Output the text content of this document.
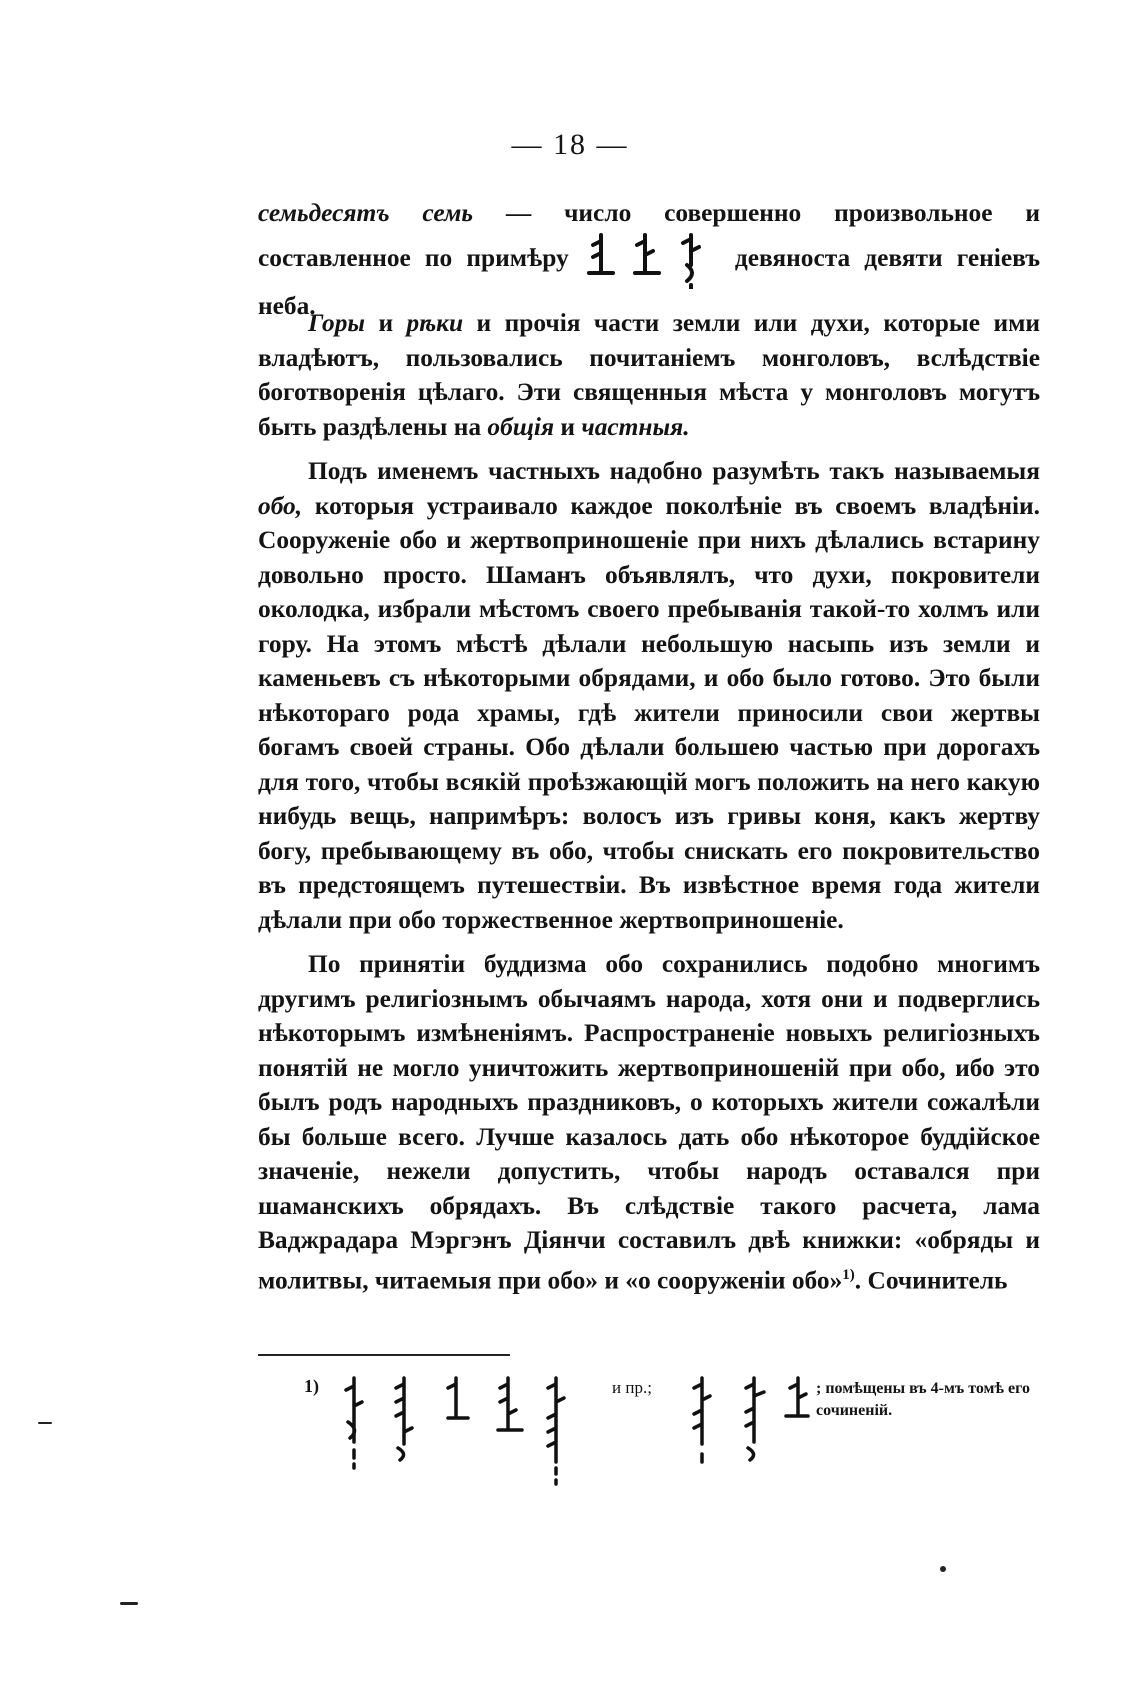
— 18 —

семьдесятъ семь — число совершенно произвольное и составленное по примѣру	девяноста девяти геніевъ неба.

Горы и рѣки и прочія части земли или духи, которые ими владѣютъ, пользовались почитаніемъ монголовъ, вслѣдствіе боготворенія цѣлаго. Эти священныя мѣста у монголовъ могутъ быть раздѣлены на общія и частныя.

Подъ именемъ частныхъ надобно разумѣть такъ называемыя обо, которыя устраивало каждое поколѣніе въ своемъ владѣніи. Сооруженіе обо и жертвоприношеніе при нихъ дѣлались встарину довольно просто. Шаманъ объявлялъ, что духи, покровители околодка, избрали мѣстомъ своего пребыванія такой-то холмъ или гору. На этомъ мѣстѣ дѣлали небольшую насыпь изъ земли и каменьевъ съ нѣкоторыми обрядами, и обо было готово. Это были нѣкотораго рода храмы, гдѣ жители приносили свои жертвы богамъ своей страны. Обо дѣлали большею частью при дорогахъ для того, чтобы всякій проѣзжающій могъ положить на него какую нибудь вещь, напримѣръ: волосъ изъ гривы коня, какъ жертву богу, пребывающему въ обо, чтобы снискать его покровительство въ предстоящемъ путешествіи. Въ извѣстное время года жители дѣлали при обо торжественное жертвоприношеніе.

По принятіи буддизма обо сохранились подобно многимъ другимъ религіознымъ обычаямъ народа, хотя они и подверглись нѣкоторымъ измѣненіямъ. Распространеніе новыхъ религіозныхъ понятій не могло уничтожить жертвоприношеній при обо, ибо это былъ родъ народныхъ праздниковъ, о которыхъ жители сожалѣли бы больше всего. Лучше казалось дать обо нѣкоторое буддійское значеніе, нежели допустить, чтобы народъ оставался при шаманскихъ обрядахъ. Въ слѣдствіе такого расчета, лама Ваджрадара Мэргэнъ Діянчи составилъ двѣ книжки: «обряды и молитвы, читаемыя при обо» и «о сооруженіи обо»$^{1)}$. Сочинитель

1)	и пр.;	; помѣщены въ 4-мъ томѣ его сочиненій.
